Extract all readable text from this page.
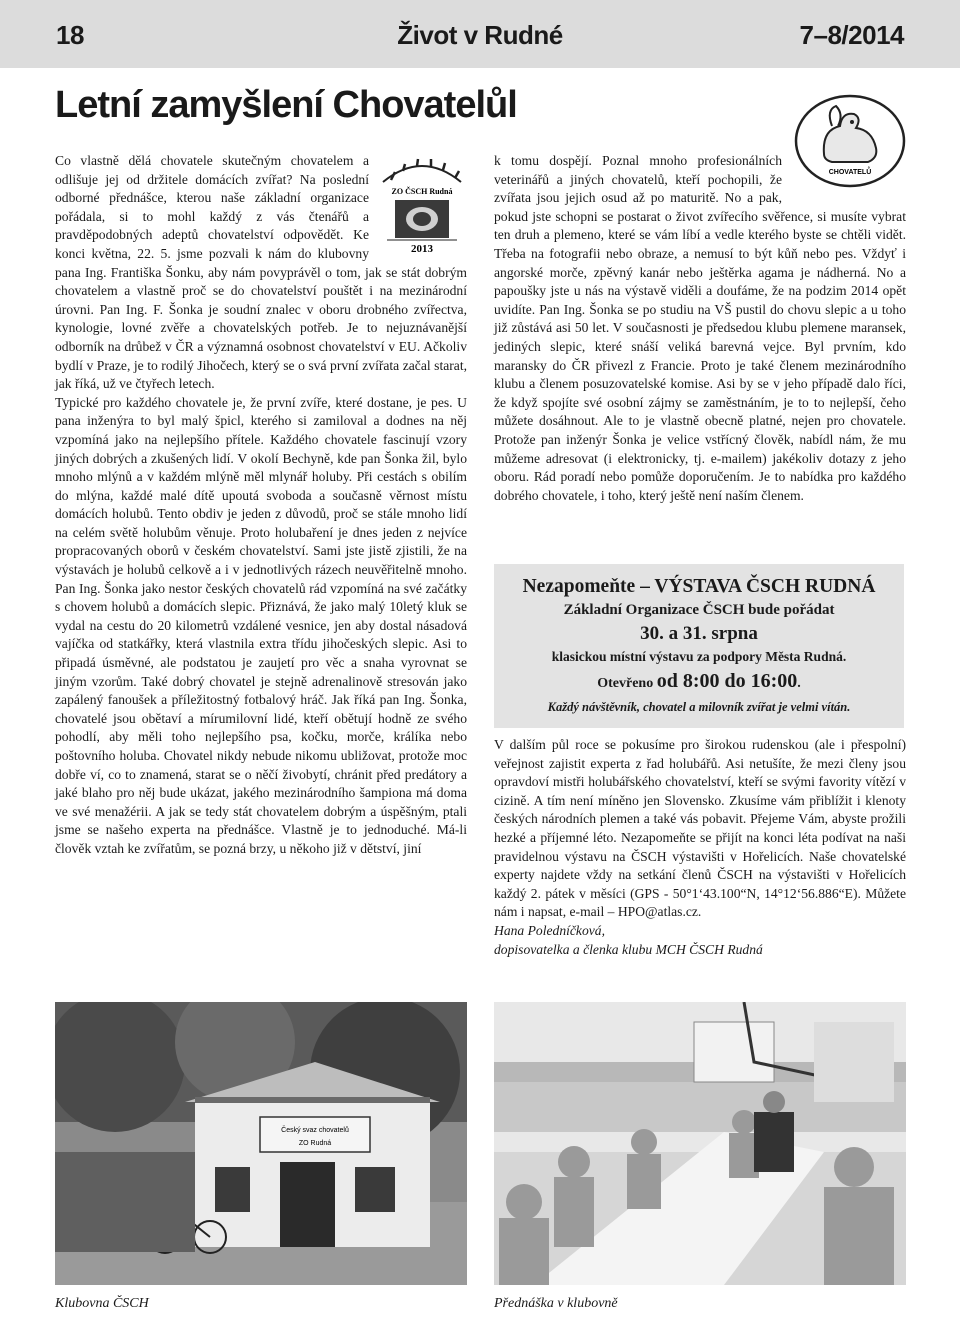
18	Život v Rudné	7–8/2014
Letní zamyšlení Chovatelůl
ZO ČSCH Rudná
2013

Co vlastně dělá chovatele skutečným chovatelem a odlišuje jej od držitele domácích zvířat? Na poslední odborné přednášce, kterou naše základní organizace pořádala, si to mohl každý z vás čtenářů a pravděpodobných adeptů chovatelství odpovědět. Ke konci května, 22. 5. jsme pozvali k nám do klubovny pana Ing. Františka Šonku, aby nám povyprávěl o tom, jak se stát dobrým chovatelem a vlastně proč se do chovatelství pouštět i na mezinárodní úrovni. Pan Ing. F. Šonka je soudní znalec v oboru drobného zvířectva, kynologie, lovné zvěře a chovatelských potřeb. Je to nejuznávanější odborník na drůbež v ČR a významná osobnost chovatelství v EU. Ačkoliv bydlí v Praze, je to rodilý Jihočech, který se o svá první zvířata začal starat, jak říká, už ve čtyřech letech.

Typické pro každého chovatele je, že první zvíře, které dostane, je pes. U pana inženýra to byl malý špicl, kterého si zamiloval a dodnes na něj vzpomíná jako na nejlepšího přítele. Každého chovatele fascinují vzory jiných dobrých a zkušených lidí. V okolí Bechyně, kde pan Šonka žil, bylo mnoho mlýnů a v každém mlýně měl mlynář holuby. Při cestách s obilím do mlýna, každé malé dítě upoutá svoboda a současně věrnost místu domácích holubů. Tento obdiv je jeden z důvodů, proč se stále mnoho lidí na celém světě holubům věnuje. Proto holubaření je dnes jeden z nejvíce propracovaných oborů v českém chovatelství. Sami jste jistě zjistili, že na výstavách je holubů celkově a i v jednotlivých rázech neuvěřitelně mnoho. Pan Ing. Šonka jako nestor českých chovatelů rád vzpomíná na své začátky s chovem holubů a domácích slepic. Přiznává, že jako malý 10letý kluk se vydal na cestu do 20 kilometrů vzdálené vesnice, jen aby dostal násadová vajíčka od statkářky, která vlastnila extra třídu jihočeských slepic. Asi to připadá úsměvné, ale podstatou je zaujetí pro věc a snaha vyrovnat se jiným vzorům. Také dobrý chovatel je stejně adrenalinově stresován jako zapálený fanoušek a příležitostný fotbalový hráč. Jak říká pan Ing. Šonka, chovatelé jsou obětaví a mírumilovní lidé, kteří obětují hodně ze svého pohodlí, aby měli toho nejlepšího psa, kočku, morče, králíka nebo poštovního holuba. Chovatel nikdy nebude nikomu ubližovat, protože moc dobře ví, co to znamená, starat se o něčí živobytí, chránit před predátory a jaké blaho pro něj bude ukázat, jakého mezinárodního šampiona má doma ve své menažérii. A jak se tedy stát chovatelem dobrým a úspěšným, ptali jsme se našeho experta na přednášce. Vlastně je to jednoduché. Má-li člověk vztah ke zvířatům, se pozná brzy, u někoho již v dětství, jiní

CHOVATELŮ

k tomu dospějí. Poznal mnoho profesionálních veterinářů a jiných chovatelů, kteří pochopili, že zvířata jsou jejich osud až po maturitě. No a pak, pokud jste schopni se postarat o život zvířecího svěřence, si musíte vybrat ten druh a plemeno, které se vám líbí a vedle kterého byste se chtěli vidět. Třeba na fotografii nebo obraze, a nemusí to být kůň nebo pes. Vždyť i angorské morče, zpěvný kanár nebo ještěrka agama je nádherná. No a papoušky jste u nás na výstavě viděli a doufáme, že na podzim 2014 opět uvidíte. Pan Ing. Šonka se po studiu na VŠ pustil do chovu slepic a u toho již zůstává asi 50 let. V současnosti je předsedou klubu plemene maransek, jediných slepic, které snáší veliká barevná vejce. Byl prvním, kdo maransky do ČR přivezl z Francie. Proto je také členem mezinárodního klubu a členem posuzovatelské komise. Asi by se v jeho případě dalo říci, že když spojíte své osobní zájmy se zaměstnáním, je to to nejlepší, čeho můžete dosáhnout. Ale to je vlastně obecně platné, nejen pro chovatele. Protože pan inženýr Šonka je velice vstřícný člověk, nabídl nám, že mu můžeme adresovat (i elektronicky, tj. e-mailem) jakékoliv dotazy z jeho oboru. Rád poradí nebo pomůže doporučením. Je to nabídka pro každého dobrého chovatele, i toho, který ještě není naším členem.

Nezapomeňte – VÝSTAVA ČSCH RUDNÁ
Základní Organizace ČSCH bude pořádat
30. a 31. srpna
klasickou místní výstavu za podpory Města Rudná.
Otevřeno od 8:00 do 16:00.
Každý návštěvník, chovatel a milovník zvířat je velmi vítán.

V dalším půl roce se pokusíme pro širokou rudenskou (ale i přespolní) veřejnost zajistit experta z řad holubářů. Asi netušíte, že mezi členy jsou opravdoví mistři holubářského chovatelství, kteří se svými favority vítězí v cizině. A tím není míněno jen Slovensko. Zkusíme vám přiblížit i klenoty českých národních plemen a také vás pobavit. Přejeme Vám, abyste prožili hezké a příjemné léto. Nezapomeňte se přijít na konci léta podívat na naši pravidelnou výstavu na ČSCH výstavišti v Hořelicích. Naše chovatelské experty najdete vždy na setkání členů ČSCH na výstavišti v Hořelicích každý 2. pátek v měsíci (GPS - 50°1‘43.100“N, 14°12‘56.886“E). Můžete nám i napsat, e-mail – HPO@atlas.cz.

Hana Poledníčková,

dopisovatelka a členka klubu MCH ČSCH Rudná

Český svaz chovatelů
ZO Rudná
Klubovna ČSCH	Přednáška v klubovně
